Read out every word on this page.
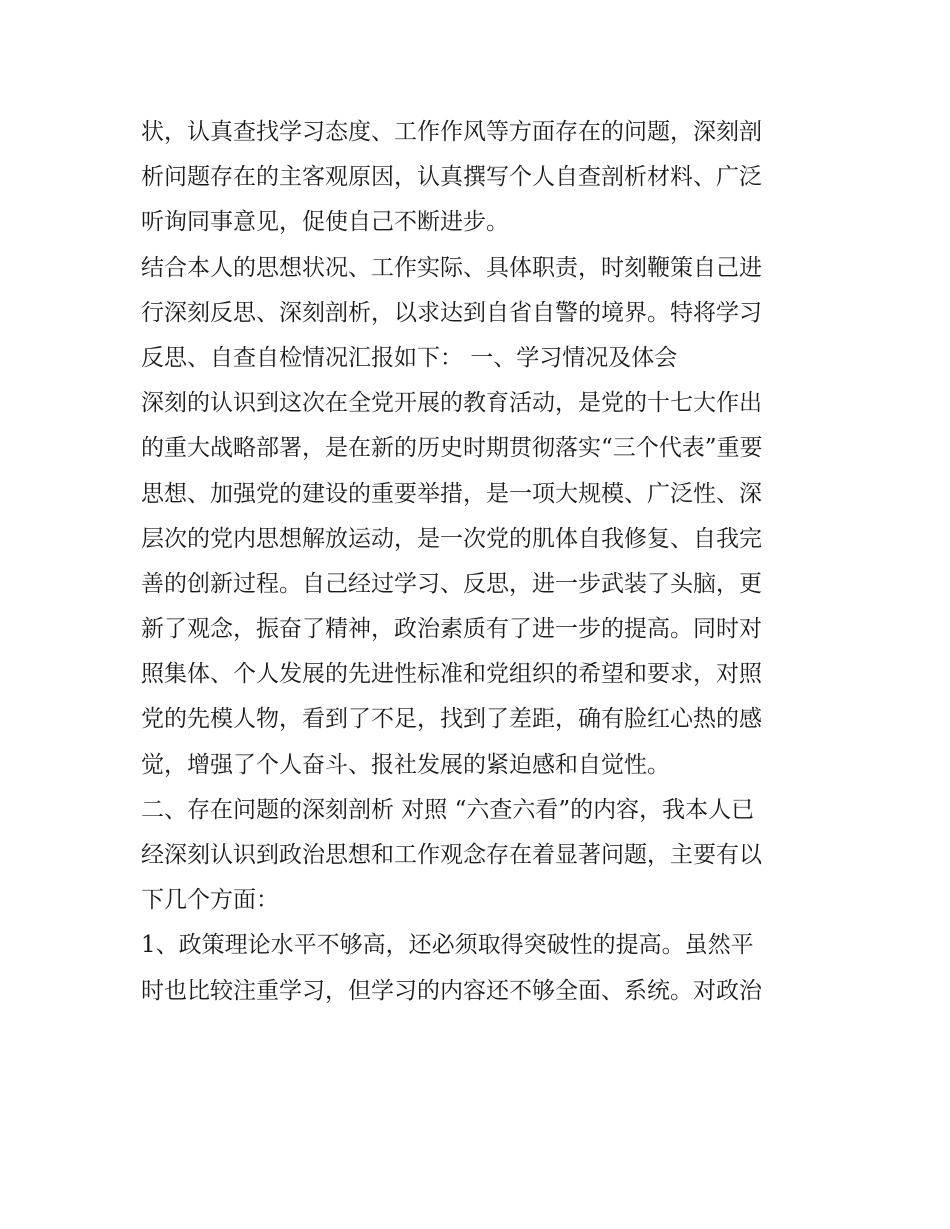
状，认真查找学习态度、工作作风等方面存在的问题，深刻剖
析问题存在的主客观原因，认真撰写个人自查剖析材料、广泛
听询同事意见，促使自己不断进步。
结合本人的思想状况、工作实际、具体职责，时刻鞭策自己进
行深刻反思、深刻剖析，以求达到自省自警的境界。特将学习
反思、自查自检情况汇报如下： 一、学习情况及体会
深刻的认识到这次在全党开展的教育活动，是党的十七大作出
的重大战略部署，是在新的历史时期贯彻落实“三个代表”重要
思想、加强党的建设的重要举措，是一项大规模、广泛性、深
层次的党内思想解放运动，是一次党的肌体自我修复、自我完
善的创新过程。自己经过学习、反思，进一步武装了头脑，更
新了观念，振奋了精神，政治素质有了进一步的提高。同时对
照集体、个人发展的先进性标准和党组织的希望和要求，对照
党的先模人物，看到了不足，找到了差距，确有脸红心热的感
觉，增强了个人奋斗、报社发展的紧迫感和自觉性。
二、存在问题的深刻剖析 对照 “六查六看”的内容，我本人已
经深刻认识到政治思想和工作观念存在着显著问题，主要有以
下几个方面：
1、政策理论水平不够高，还必须取得突破性的提高。虽然平
时也比较注重学习，但学习的内容还不够全面、系统。对政治
